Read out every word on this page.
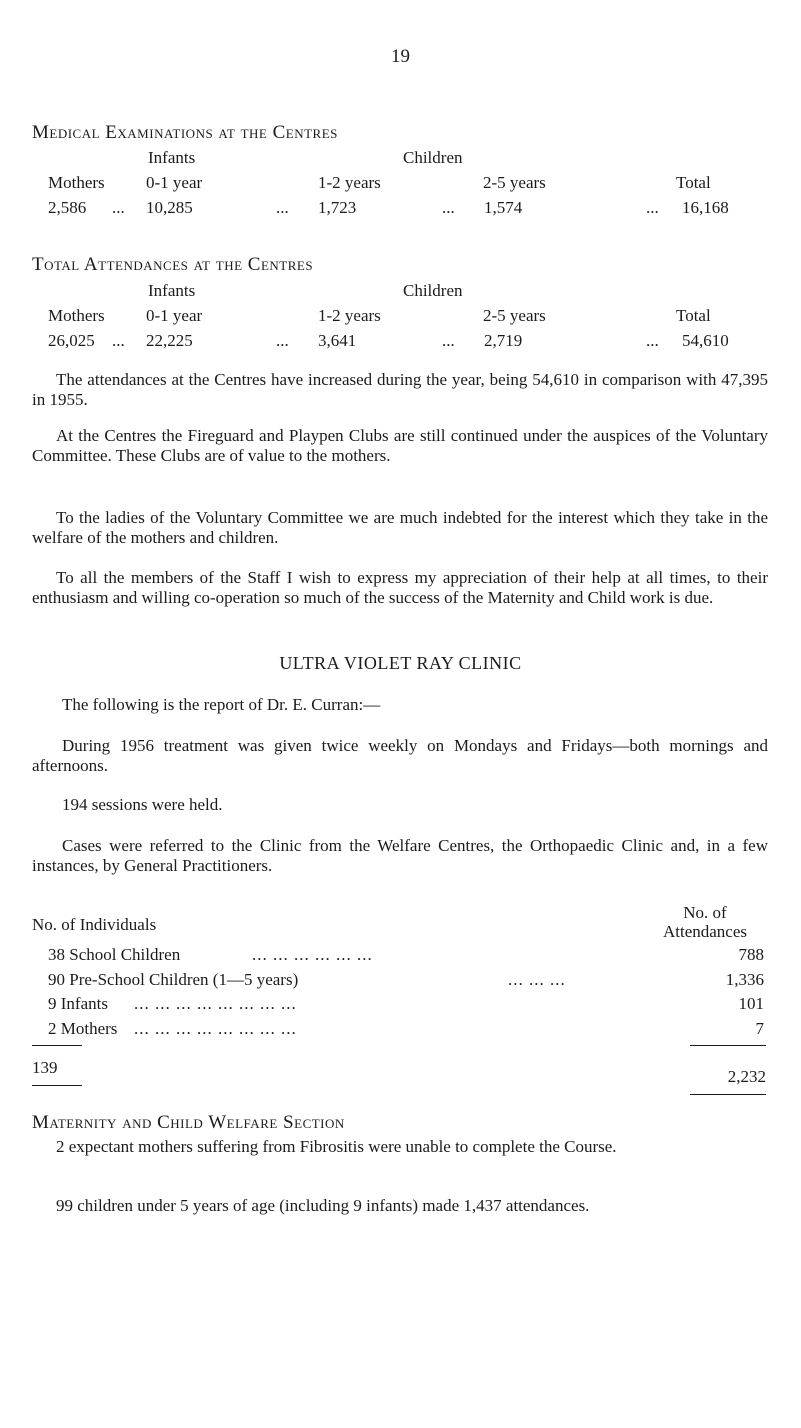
19
Medical Examinations at the Centres
Infants	Children
Mothers 0-1 year	1-2 years	2-5 years	Total
2,586 ... 10,285	... 1,723	... 1,574	... 16,168
Total Attendances at the Centres
Infants	Children
Mothers 0-1 year	1-2 years	2-5 years	Total
26,025 ... 22,225	... 3,641	... 2,719	... 54,610
The attendances at the Centres have increased during the year, being 54,610 in comparison with 47,395 in 1955.
At the Centres the Fireguard and Playpen Clubs are still continued under the auspices of the Voluntary Committee. These Clubs are of value to the mothers.
To the ladies of the Voluntary Committee we are much indebted for the interest which they take in the welfare of the mothers and children.
To all the members of the Staff I wish to express my appreciation of their help at all times, to their enthusiasm and willing co-operation so much of the success of the Maternity and Child work is due.
ULTRA VIOLET RAY CLINIC
The following is the report of Dr. E. Curran:—
During 1956 treatment was given twice weekly on Mondays and Fridays—both mornings and afternoons.
194 sessions were held.
Cases were referred to the Clinic from the Welfare Centres, the Orthopaedic Clinic and, in a few instances, by General Practitioners.
No. of Individuals
No. of
Attendances
38 School Children	... ... ... ... ... ...	788
90 Pre-School Children (1—5 years)	... ... ...	1,336
9 Infants ... ... ... ... ... ... ... ...	101
2 Mothers ... ... ... ... ... ... ... ...	7
139	2,232
Maternity and Child Welfare Section
2 expectant mothers suffering from Fibrositis were unable to complete the Course.
99 children under 5 years of age (including 9 infants) made 1,437 attendances.
